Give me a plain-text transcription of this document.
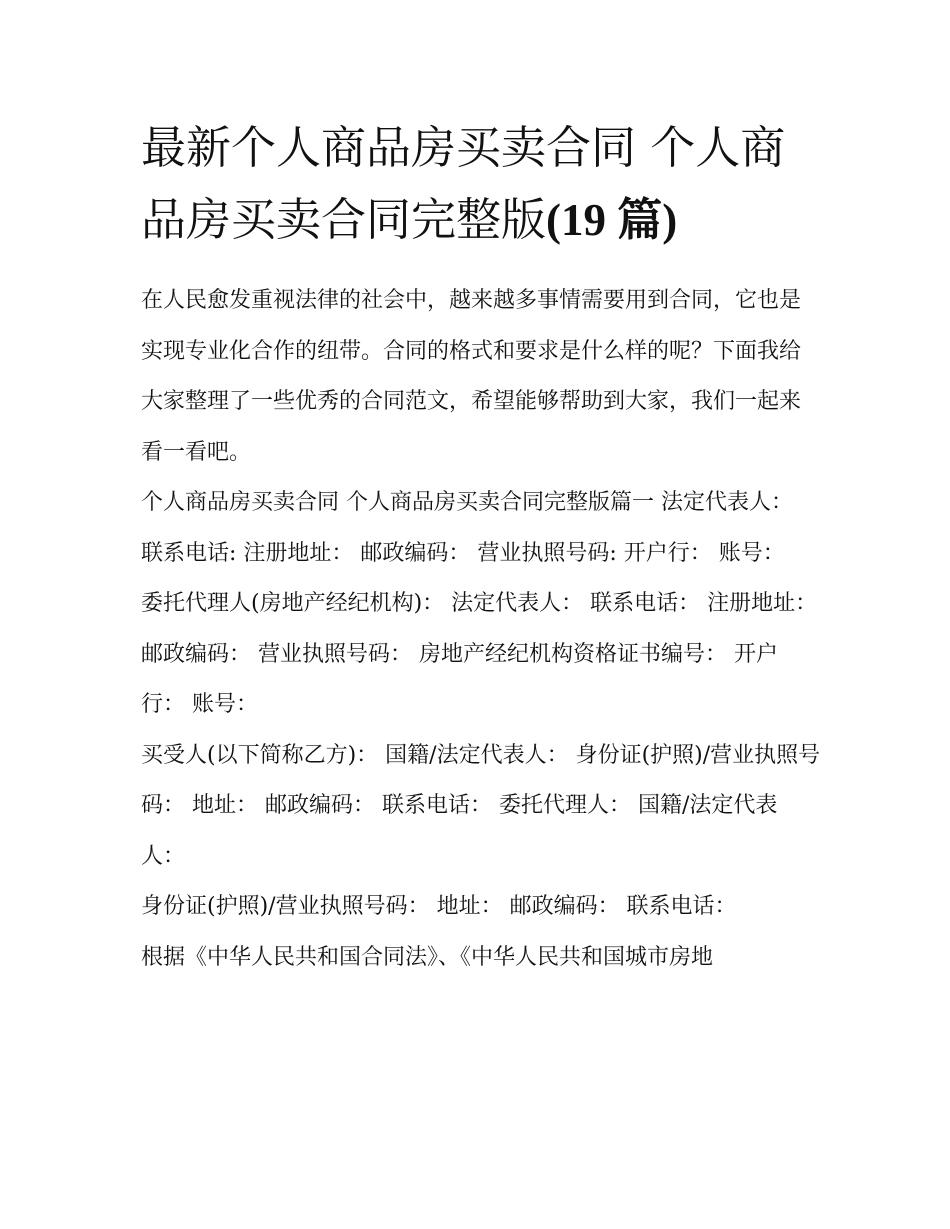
最新个人商品房买卖合同 个人商品房买卖合同完整版(19 篇)

在人民愈发重视法律的社会中，越来越多事情需要用到合同，它也是实现专业化合作的纽带。合同的格式和要求是什么样的呢？下面我给大家整理了一些优秀的合同范文，希望能够帮助到大家，我们一起来看一看吧。

个人商品房买卖合同 个人商品房买卖合同完整版篇一 法定代表人： 联系电话: 注册地址： 邮政编码： 营业执照号码: 开户行： 账号：

委托代理人(房地产经纪机构)： 法定代表人： 联系电话： 注册地址： 邮政编码： 营业执照号码： 房地产经纪机构资格证书编号： 开户行： 账号：

买受人(以下简称乙方)： 国籍/法定代表人： 身份证(护照)/营业执照号码： 地址： 邮政编码： 联系电话： 委托代理人： 国籍/法定代表人：

身份证(护照)/营业执照号码： 地址： 邮政编码： 联系电话：

根据《中华人民共和国合同法》、《中华人民共和国城市房地
